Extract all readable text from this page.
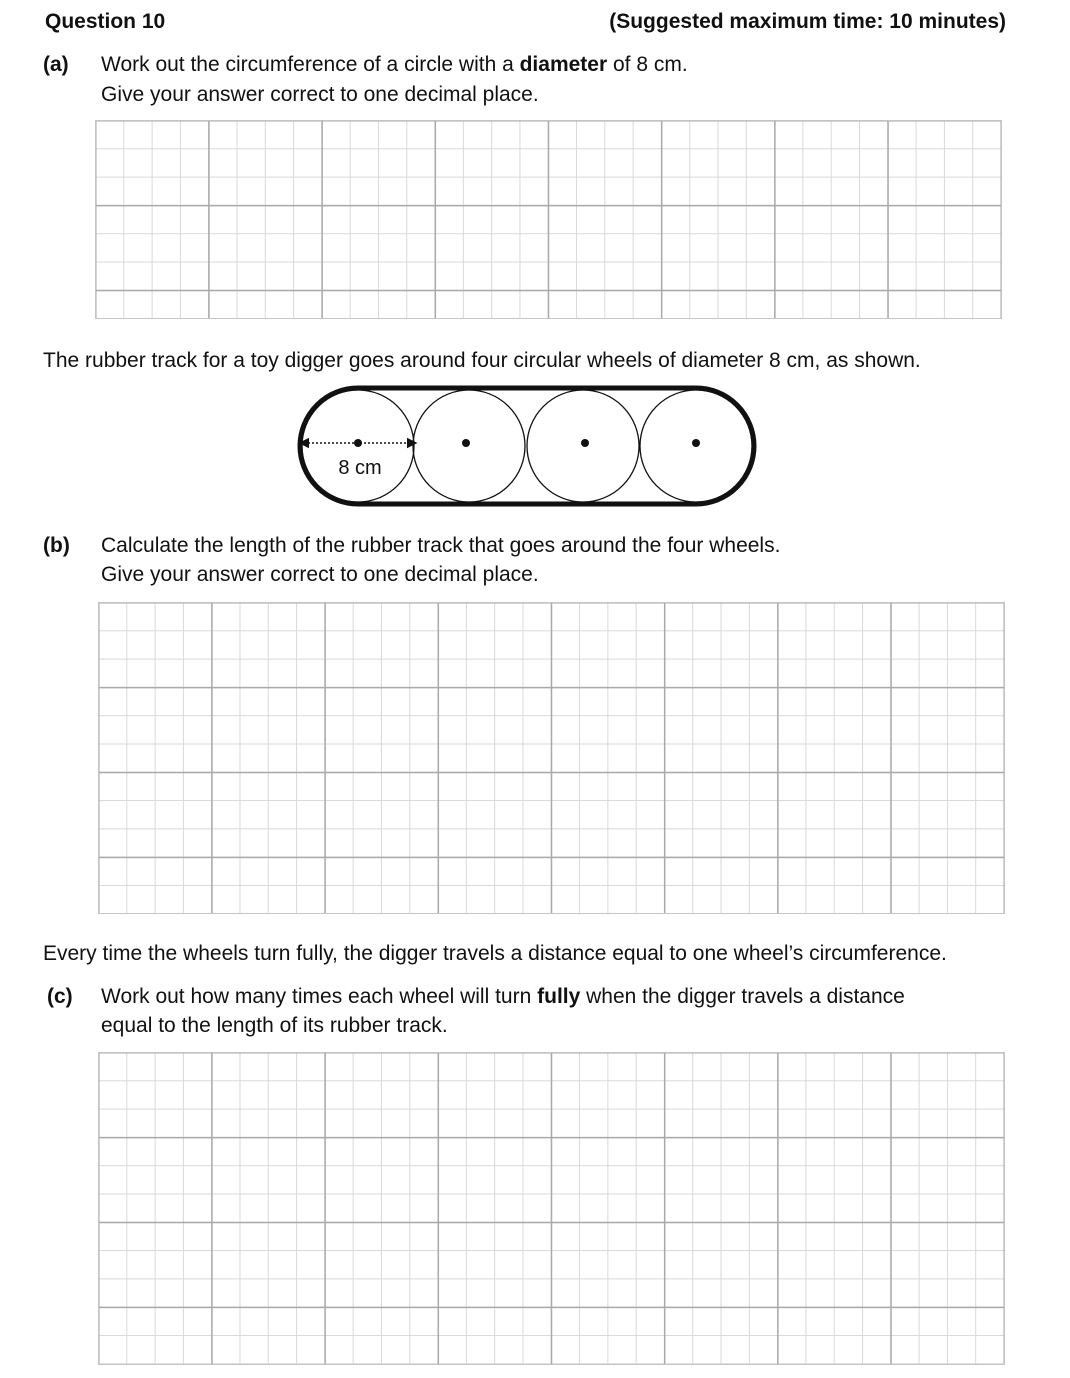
Question 10	(Suggested maximum time: 10 minutes)
(a) Work out the circumference of a circle with a diameter of 8 cm.
Give your answer correct to one decimal place.
The rubber track for a toy digger goes around four circular wheels of diameter 8 cm, as shown.
8 cm
(b) Calculate the length of the rubber track that goes around the four wheels.
Give your answer correct to one decimal place.
Every time the wheels turn fully, the digger travels a distance equal to one wheel’s circumference.
(c) Work out how many times each wheel will turn fully when the digger travels a distance
equal to the length of its rubber track.
